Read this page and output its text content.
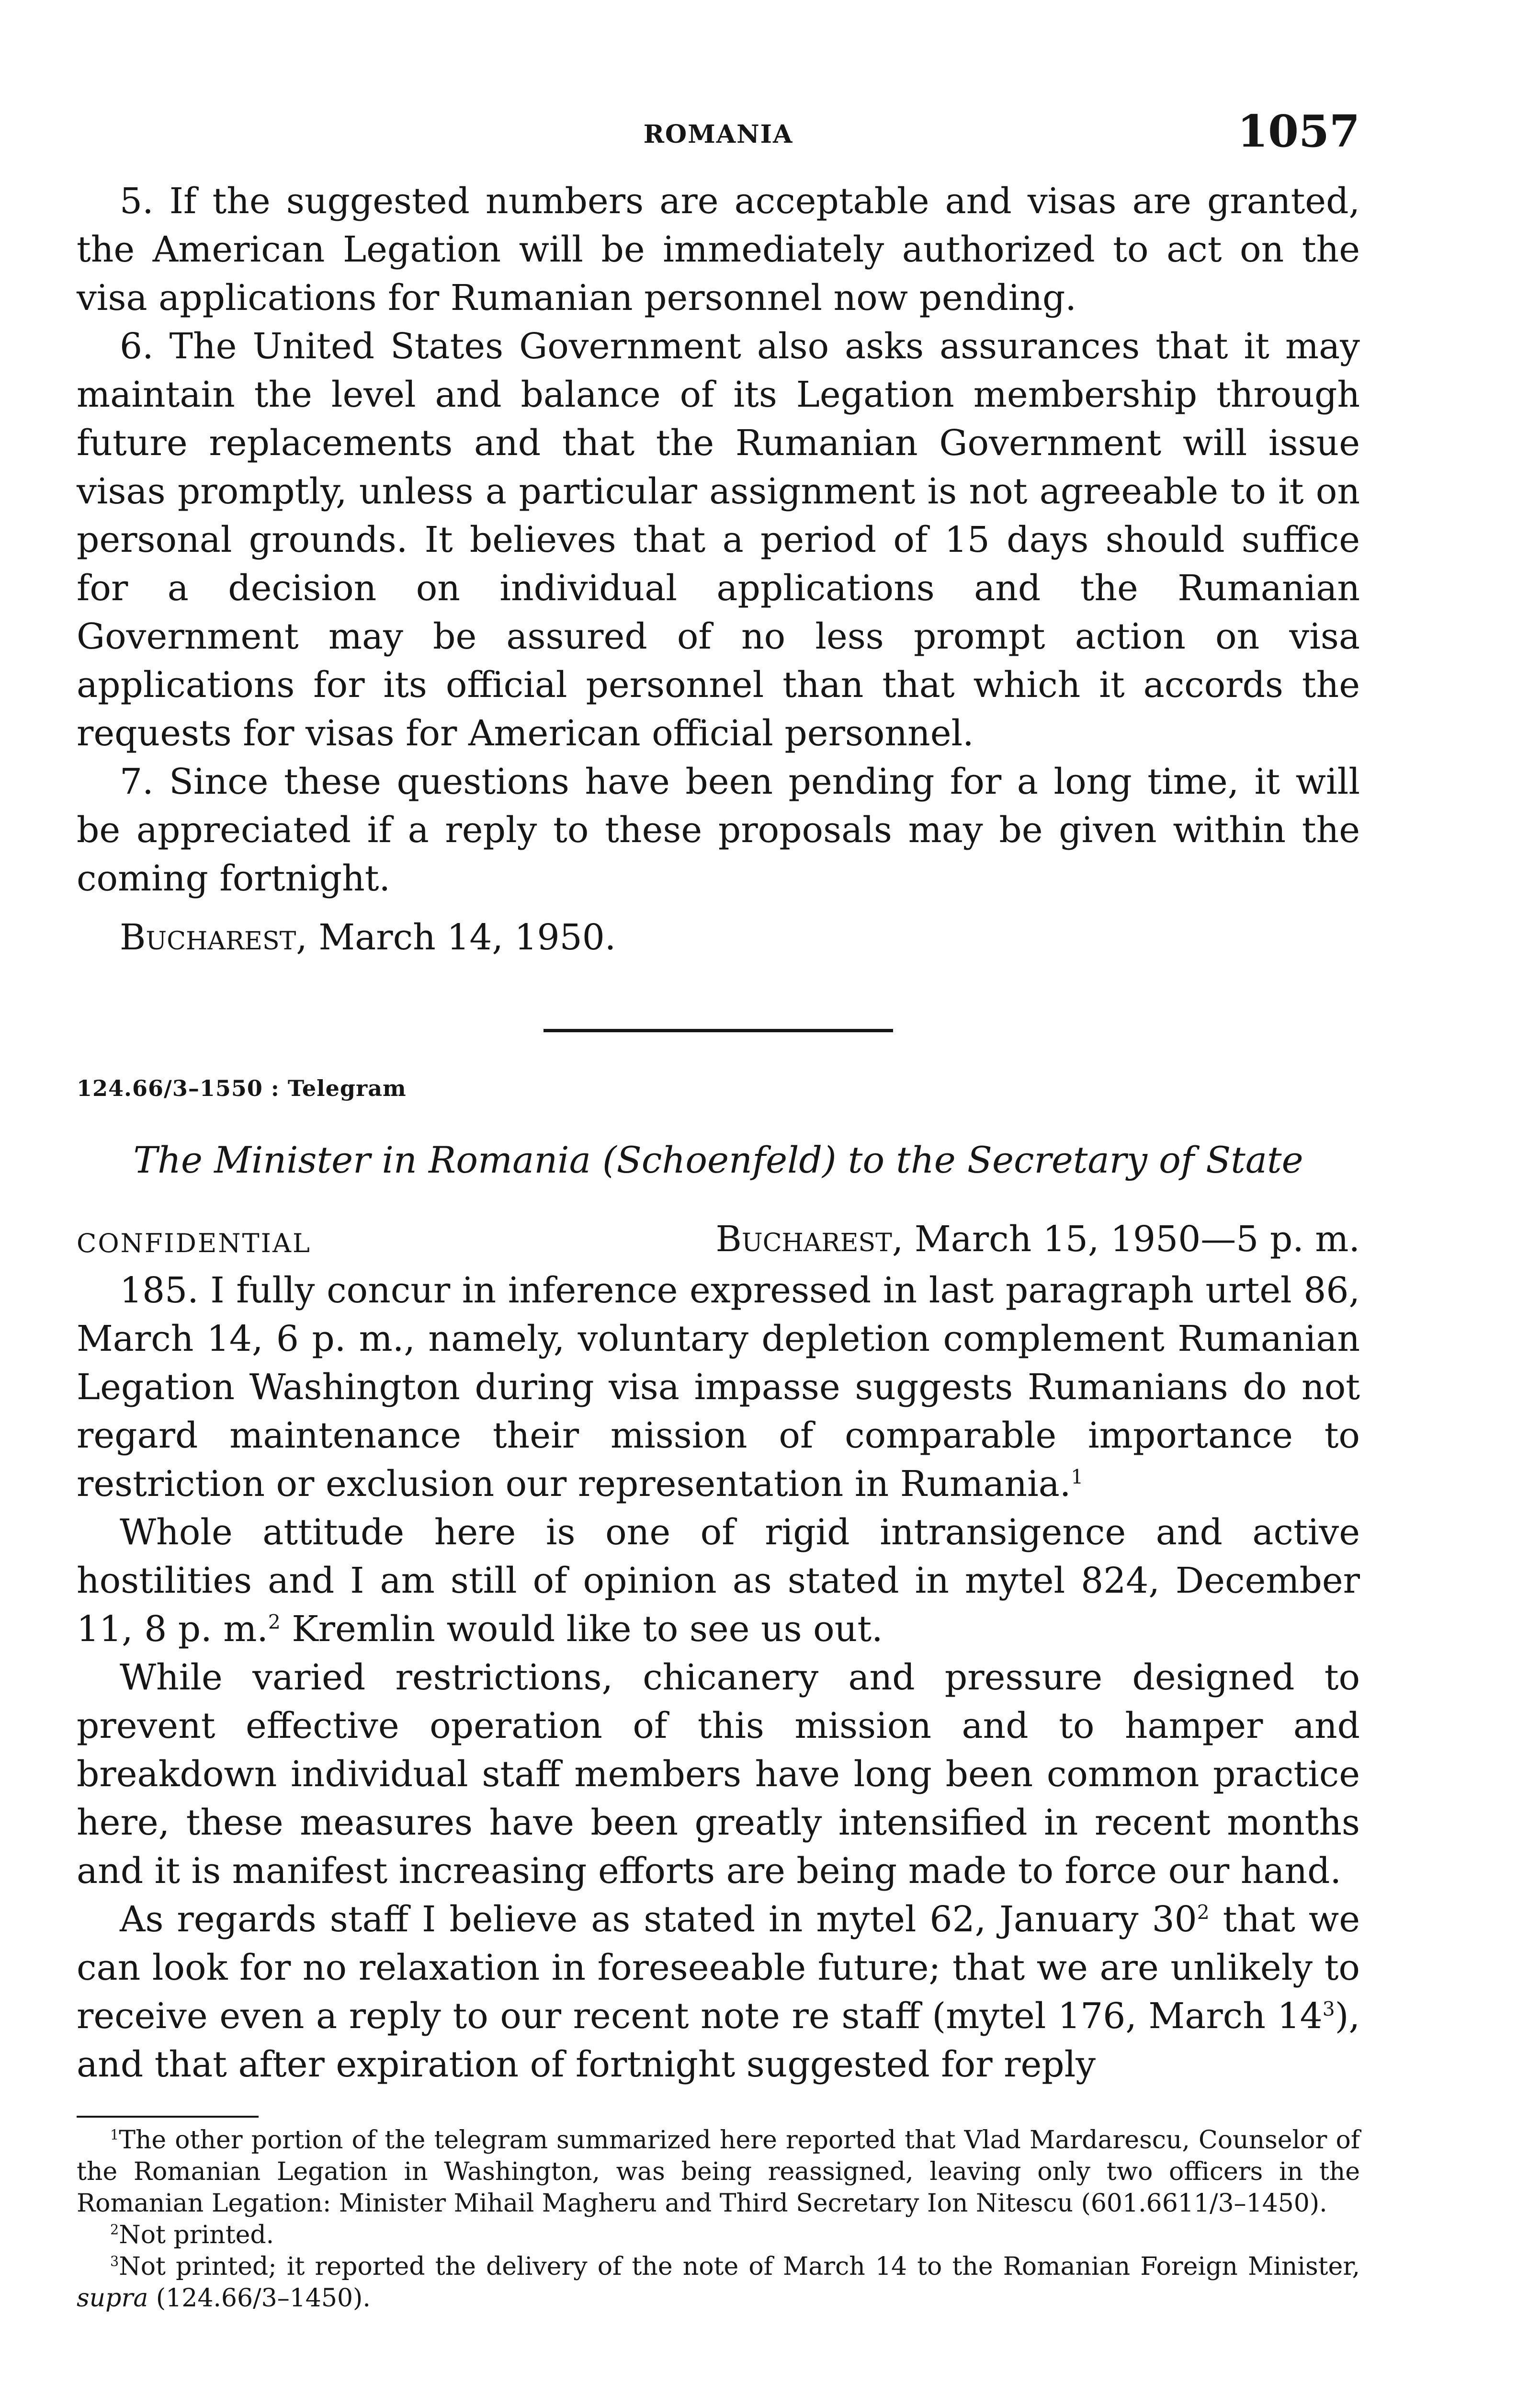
ROMANIA	1057

5. If the suggested numbers are acceptable and visas are granted, the American Legation will be immediately authorized to act on the visa applications for Rumanian personnel now pending.

6. The United States Government also asks assurances that it may maintain the level and balance of its Legation membership through future replacements and that the Rumanian Government will issue visas promptly, unless a particular assignment is not agreeable to it on personal grounds. It believes that a period of 15 days should suffice for a decision on individual applications and the Rumanian Government may be assured of no less prompt action on visa applications for its official personnel than that which it accords the requests for visas for American official personnel.

7. Since these questions have been pending for a long time, it will be appreciated if a reply to these proposals may be given within the coming fortnight.

Bucharest, March 14, 1950.

124.66/3–1550 : Telegram
The Minister in Romania (Schoenfeld) to the Secretary of State
CONFIDENTIAL	Bucharest, March 15, 1950—5 p. m.

185. I fully concur in inference expressed in last paragraph urtel 86, March 14, 6 p. m., namely, voluntary depletion complement Rumanian Legation Washington during visa impasse suggests Rumanians do not regard maintenance their mission of comparable importance to restriction or exclusion our representation in Rumania.$^1$

Whole attitude here is one of rigid intransigence and active hostilities and I am still of opinion as stated in mytel 824, December 11, 8 p. m.$^2$ Kremlin would like to see us out.

While varied restrictions, chicanery and pressure designed to prevent effective operation of this mission and to hamper and breakdown individual staff members have long been common practice here, these measures have been greatly intensified in recent months and it is manifest increasing efforts are being made to force our hand.

As regards staff I believe as stated in mytel 62, January 30$^2$ that we can look for no relaxation in foreseeable future; that we are unlikely to receive even a reply to our recent note re staff (mytel 176, March 14$^3$), and that after expiration of fortnight suggested for reply

$^1$The other portion of the telegram summarized here reported that Vlad Mardarescu, Counselor of the Romanian Legation in Washington, was being reassigned, leaving only two officers in the Romanian Legation: Minister Mihail Magheru and Third Secretary Ion Nitescu (601.6611/3–1450).

$^2$Not printed.

$^3$Not printed; it reported the delivery of the note of March 14 to the Romanian Foreign Minister, supra (124.66/3–1450).
